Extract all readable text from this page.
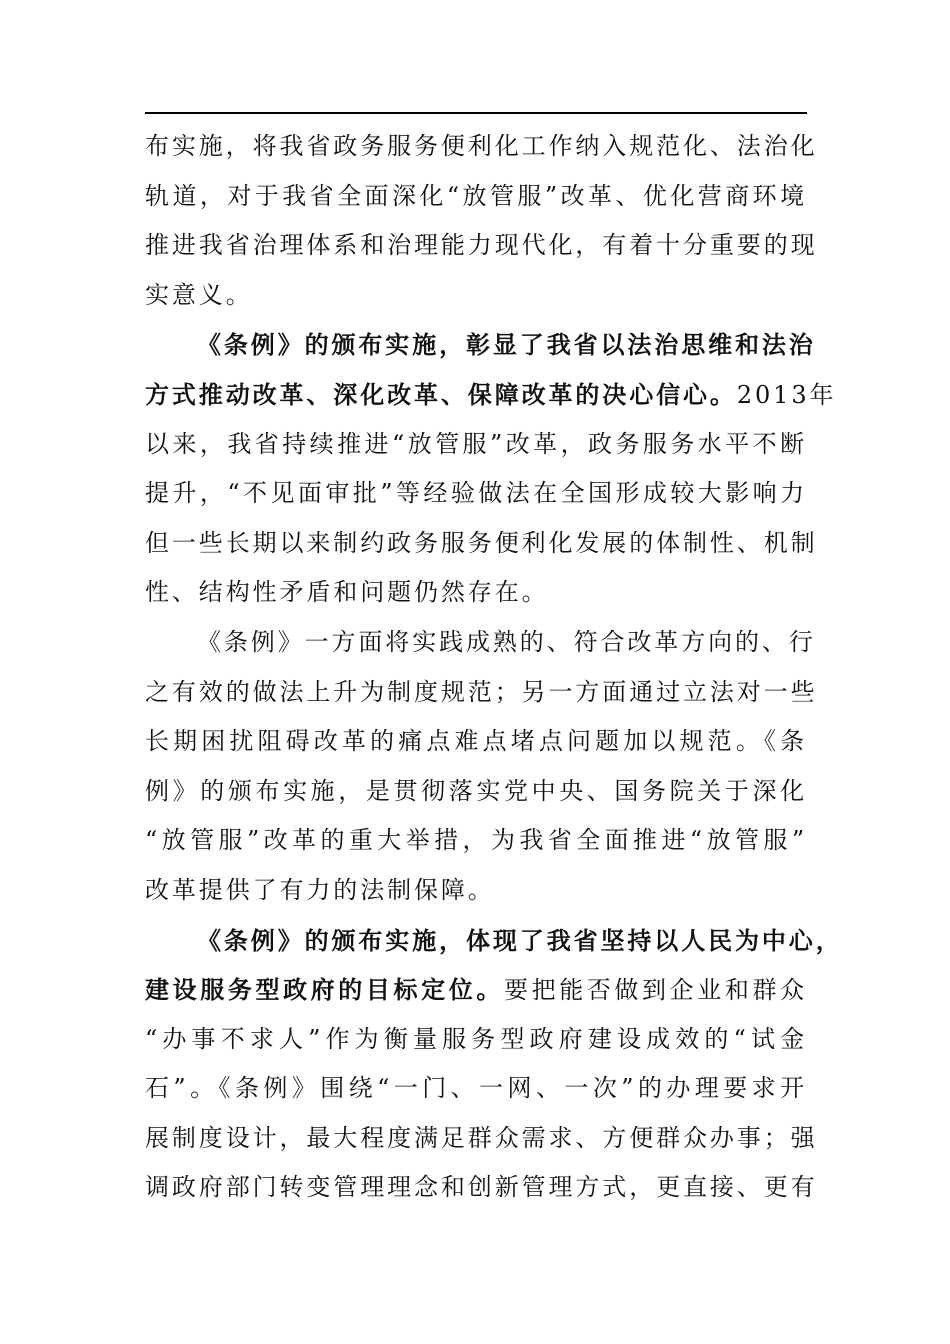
布实施，将我省政务服务便利化工作纳入规范化、法治化
轨道，对于我省全面深化“放管服”改革、优化营商环境
推进我省治理体系和治理能力现代化，有着十分重要的现
实意义。
《条例》的颁布实施，彰显了我省以法治思维和法治
方式推动改革、深化改革、保障改革的决心信心。2013年
以来，我省持续推进“放管服”改革，政务服务水平不断
提升，“不见面审批”等经验做法在全国形成较大影响力
但一些长期以来制约政务服务便利化发展的体制性、机制
性、结构性矛盾和问题仍然存在。
《条例》一方面将实践成熟的、符合改革方向的、行
之有效的做法上升为制度规范；另一方面通过立法对一些
长期困扰阻碍改革的痛点难点堵点问题加以规范。《条
例》的颁布实施，是贯彻落实党中央、国务院关于深化
“放管服”改革的重大举措，为我省全面推进“放管服”
改革提供了有力的法制保障。
《条例》的颁布实施，体现了我省坚持以人民为中心，
建设服务型政府的目标定位。要把能否做到企业和群众
“办事不求人”作为衡量服务型政府建设成效的“试金
石”。《条例》围绕“一门、一网、一次”的办理要求开
展制度设计，最大程度满足群众需求、方便群众办事；强
调政府部门转变管理理念和创新管理方式，更直接、更有
